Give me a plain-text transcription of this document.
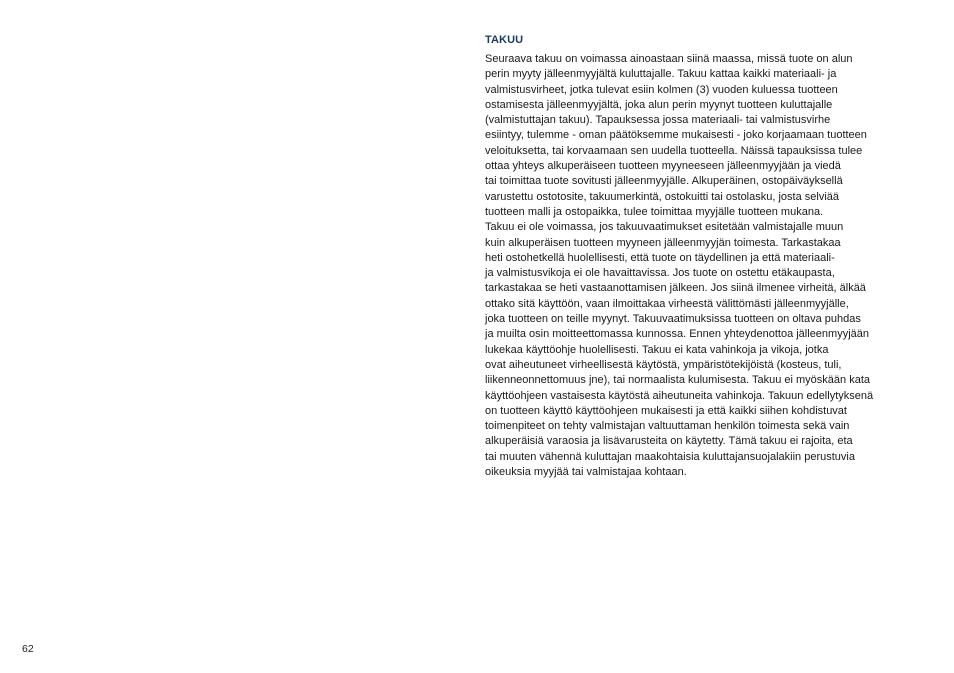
TAKUU
Seuraava takuu on voimassa ainoastaan siinä maassa, missä tuote on alun
perin myyty jälleenmyyjältä kuluttajalle. Takuu kattaa kaikki materiaali- ja
valmistusvirheet, jotka tulevat esiin kolmen (3) vuoden kuluessa tuotteen
ostamisesta jälleenmyyjältä, joka alun perin myynyt tuotteen kuluttajalle
(valmistuttajan takuu). Tapauksessa jossa materiaali- tai valmistusvirhe
esiintyy, tulemme - oman päätöksemme mukaisesti - joko korjaamaan tuotteen
veloituksetta, tai korvaamaan sen uudella tuotteella. Näissä tapauksissa tulee
ottaa yhteys alkuperäiseen tuotteen myyneeseen jälleenmyyjään ja viedä
tai toimittaa tuote sovitusti jälleenmyyjälle. Alkuperäinen, ostopäiväyksellä
varustettu ostotosite, takuumerkintä, ostokuitti tai ostolasku, josta selviää
tuotteen malli ja ostopaikka, tulee toimittaa myyjälle tuotteen mukana.
Takuu ei ole voimassa, jos takuuvaatimukset esitetään valmistajalle muun
kuin alkuperäisen tuotteen myyneen jälleenmyyjän toimesta. Tarkastakaa
heti ostohetkellä huolellisesti, että tuote on täydellinen ja että materiaali-
ja valmistusvikoja ei ole havaittavissa. Jos tuote on ostettu etäkaupasta,
tarkastakaa se heti vastaanottamisen jälkeen. Jos siinä ilmenee virheitä, älkää
ottako sitä käyttöön, vaan ilmoittakaa virheestä välittömästi jälleenmyyjälle,
joka tuotteen on teille myynyt. Takuuvaatimuksissa tuotteen on oltava puhdas
ja muilta osin moitteettomassa kunnossa. Ennen yhteydenottoa jälleenmyyjään
lukekaa käyttöohje huolellisesti. Takuu ei kata vahinkoja ja vikoja, jotka
ovat aiheutuneet virheellisestä käytöstä, ympäristötekijöistä (kosteus, tuli,
liikenneonnettomuus jne), tai normaalista kulumisesta. Takuu ei myöskään kata
käyttöohjeen vastaisesta käytöstä aiheutuneita vahinkoja. Takuun edellytyksenä
on tuotteen käyttö käyttöohjeen mukaisesti ja että kaikki siihen kohdistuvat
toimenpiteet on tehty valmistajan valtuuttaman henkilön toimesta sekä vain
alkuperäisiä varaosia ja lisävarusteita on käytetty. Tämä takuu ei rajoita, eta
tai muuten vähennä kuluttajan maakohtaisia kuluttajansuojalakiin perustuvia
oikeuksia myyjää tai valmistajaa kohtaan.
62
